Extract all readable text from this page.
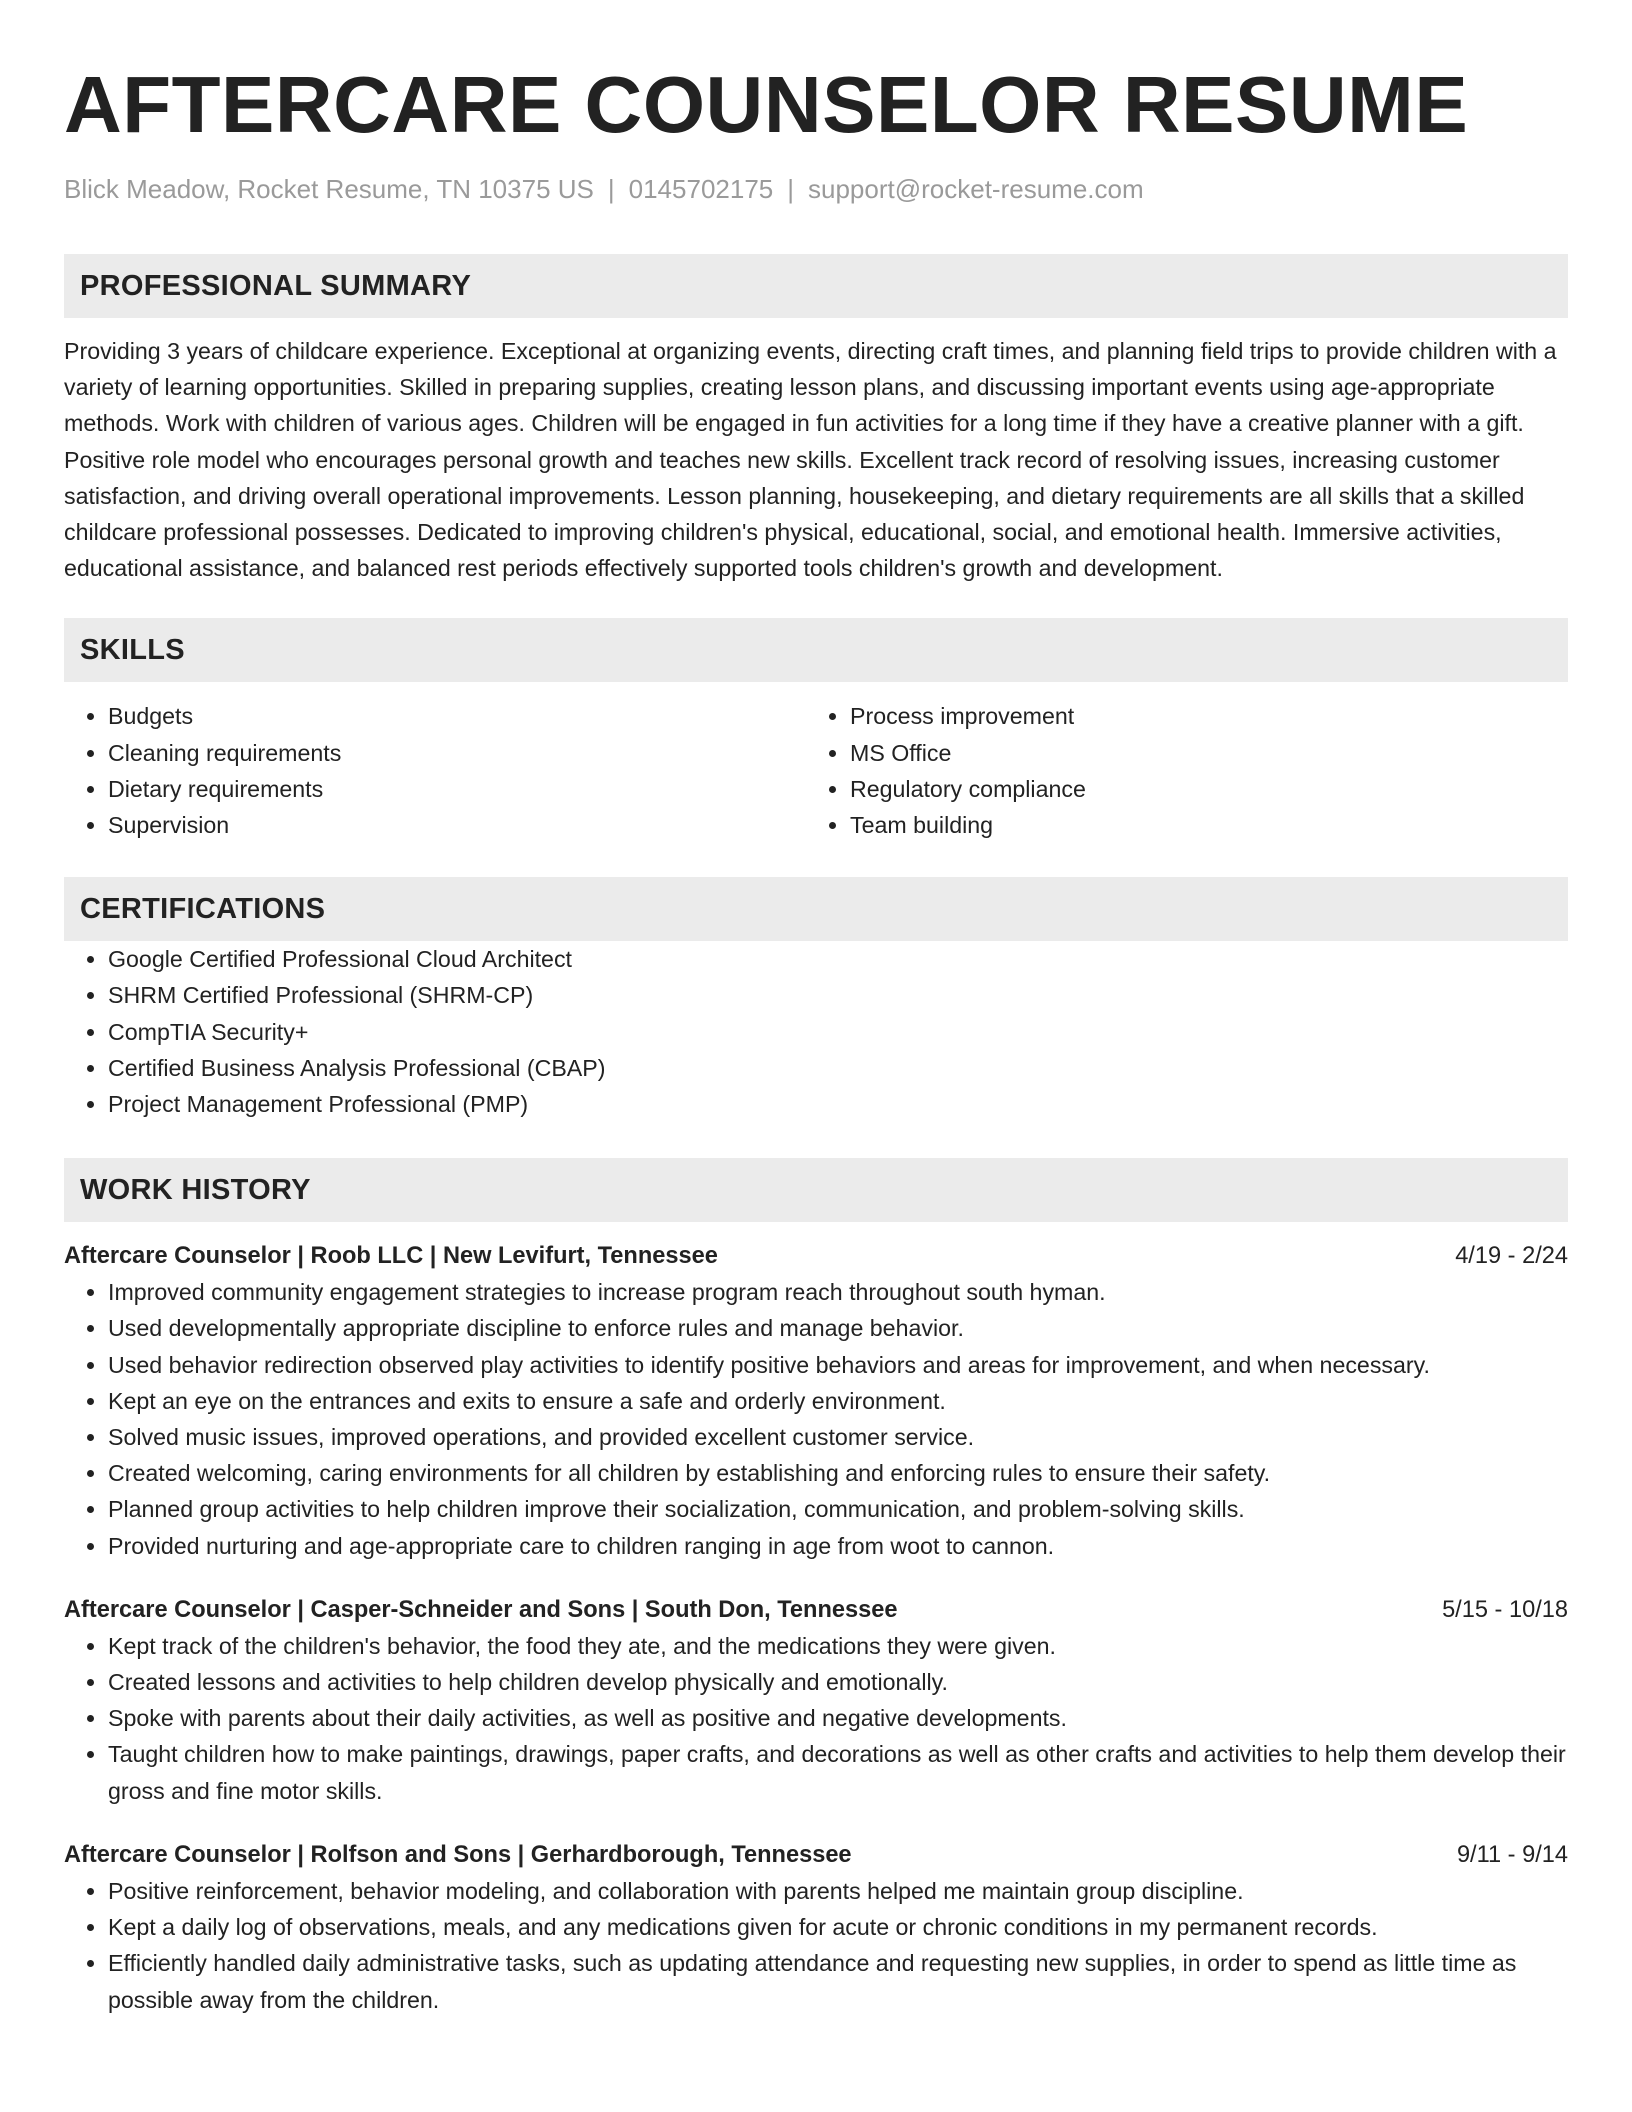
AFTERCARE COUNSELOR RESUME
Blick Meadow, Rocket Resume, TN 10375 US | 0145702175 | support@rocket-resume.com
PROFESSIONAL SUMMARY

Providing 3 years of childcare experience. Exceptional at organizing events, directing craft times, and planning field trips to provide children with a variety of learning opportunities. Skilled in preparing supplies, creating lesson plans, and discussing important events using age-appropriate methods. Work with children of various ages. Children will be engaged in fun activities for a long time if they have a creative planner with a gift. Positive role model who encourages personal growth and teaches new skills. Excellent track record of resolving issues, increasing customer satisfaction, and driving overall operational improvements. Lesson planning, housekeeping, and dietary requirements are all skills that a skilled childcare professional possesses. Dedicated to improving children's physical, educational, social, and emotional health. Immersive activities, educational assistance, and balanced rest periods effectively supported tools children's growth and development.

SKILLS
• Budgets
• Cleaning requirements
• Dietary requirements
• Supervision
• Process improvement
• MS Office
• Regulatory compliance
• Team building
CERTIFICATIONS
• Google Certified Professional Cloud Architect
• SHRM Certified Professional (SHRM-CP)
• CompTIA Security+
• Certified Business Analysis Professional (CBAP)
• Project Management Professional (PMP)
WORK HISTORY
Aftercare Counselor | Roob LLC | New Levifurt, Tennessee	4/19 - 2/24
• Improved community engagement strategies to increase program reach throughout south hyman.
• Used developmentally appropriate discipline to enforce rules and manage behavior.
• Used behavior redirection observed play activities to identify positive behaviors and areas for improvement, and when necessary.
• Kept an eye on the entrances and exits to ensure a safe and orderly environment.
• Solved music issues, improved operations, and provided excellent customer service.
• Created welcoming, caring environments for all children by establishing and enforcing rules to ensure their safety.
• Planned group activities to help children improve their socialization, communication, and problem-solving skills.
• Provided nurturing and age-appropriate care to children ranging in age from woot to cannon.
Aftercare Counselor | Casper-Schneider and Sons | South Don, Tennessee	5/15 - 10/18
• Kept track of the children's behavior, the food they ate, and the medications they were given.
• Created lessons and activities to help children develop physically and emotionally.
• Spoke with parents about their daily activities, as well as positive and negative developments.
• Taught children how to make paintings, drawings, paper crafts, and decorations as well as other crafts and activities to help them develop their gross and fine motor skills.
Aftercare Counselor | Rolfson and Sons | Gerhardborough, Tennessee	9/11 - 9/14
• Positive reinforcement, behavior modeling, and collaboration with parents helped me maintain group discipline.
• Kept a daily log of observations, meals, and any medications given for acute or chronic conditions in my permanent records.
• Efficiently handled daily administrative tasks, such as updating attendance and requesting new supplies, in order to spend as little time as possible away from the children.
